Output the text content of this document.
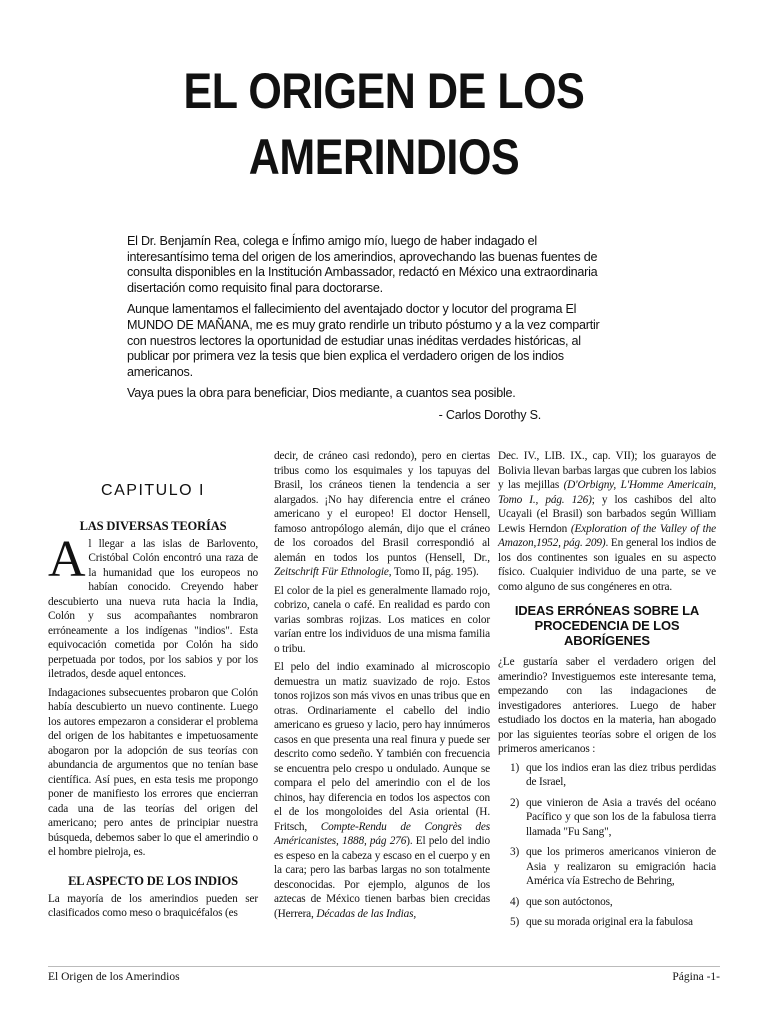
EL ORIGEN DE LOS
AMERINDIOS

El Dr. Benjamín Rea, colega e Ínfimo amigo mío, luego de haber indagado el interesantísimo tema del origen de los amerindios, aprovechando las buenas fuentes de consulta disponibles en la Institución Ambassador, redactó en México una extraordinaria disertación como requisito final para doctorarse.

Aunque lamentamos el fallecimiento del aventajado doctor y locutor del programa El MUNDO DE MAÑANA, me es muy grato rendirle un tributo póstumo y a la vez compartir con nuestros lectores la oportunidad de estudiar unas inéditas verdades históricas, al publicar por primera vez la tesis que bien explica el verdadero origen de los indios americanos.

Vaya pues la obra para beneficiar, Dios mediante, a cuantos sea posible.

- Carlos Dorothy S.

CAPITULO I
LAS DIVERSAS TEORÍAS

Al llegar a las islas de Barlovento, Cristóbal Colón encontró una raza de la humanidad que los europeos no habían conocido. Creyendo haber descubierto una nueva ruta hacia la India, Colón y sus acompañantes nombraron erróneamente a los indígenas "indios". Esta equivocación cometida por Colón ha sido perpetuada por todos, por los sabios y por los iletrados, desde aquel entonces.

Indagaciones subsecuentes probaron que Colón había descubierto un nuevo continente. Luego los autores empezaron a considerar el problema del origen de los habitantes e impetuosamente abogaron por la adopción de sus teorías con abundancia de argumentos que no tenían base científica. Así pues, en esta tesis me propongo poner de manifiesto los errores que encierran cada una de las teorías del origen del americano; pero antes de principiar nuestra búsqueda, debemos saber lo que el amerindio o el hombre pielroja, es.

EL ASPECTO DE LOS INDIOS

La mayoría de los amerindios pueden ser clasificados como meso o braquicéfalos (es

decir, de cráneo casi redondo), pero en ciertas tribus como los esquimales y los tapuyas del Brasil, los cráneos tienen la tendencia a ser alargados. ¡No hay diferencia entre el cráneo americano y el europeo! El doctor Hensell, famoso antropólogo alemán, dijo que el cráneo de los coroados del Brasil correspondió al alemán en todos los puntos (Hensell, Dr., Zeitschrift Für Ethnologie, Tomo II, pág. 195).

El color de la piel es generalmente llamado rojo, cobrizo, canela o café. En realidad es pardo con varias sombras rojizas. Los matices en color varían entre los individuos de una misma familia o tribu.

El pelo del indio examinado al microscopio demuestra un matiz suavizado de rojo. Estos tonos rojizos son más vivos en unas tribus que en otras. Ordinariamente el cabello del indio americano es grueso y lacio, pero hay innúmeros casos en que presenta una real finura y puede ser descrito como sedeño. Y también con frecuencia se encuentra pelo crespo u ondulado. Aunque se compara el pelo del amerindio con el de los chinos, hay diferencia en todos los aspectos con el de los mongoloides del Asia oriental (H. Fritsch, Compte-Rendu de Congrès des Américanistes, 1888, pág 276). El pelo del indio es espeso en la cabeza y escaso en el cuerpo y en la cara; pero las barbas largas no son totalmente desconocidas. Por ejemplo, algunos de los aztecas de México tienen barbas bien crecidas (Herrera, Décadas de las Indias,

Dec. IV., LIB. IX., cap. VII); los guarayos de Bolivia llevan barbas largas que cubren los labios y las mejillas (D'Orbigny, L'Homme Americain, Tomo I., pág. 126); y los cashibos del alto Ucayali (el Brasil) son barbados según William Lewis Herndon (Exploration of the Valley of the Amazon,1952, pág. 209). En general los indios de los dos continentes son iguales en su aspecto físico. Cualquier individuo de una parte, se ve como alguno de sus congéneres en otra.

IDEAS ERRÓNEAS SOBRE LA PROCEDENCIA DE LOS ABORÍGENES

¿Le gustaría saber el verdadero origen del amerindio? Investiguemos este interesante tema, empezando con las indagaciones de investigadores anteriores. Luego de haber estudiado los doctos en la materia, han abogado por las siguientes teorías sobre el origen de los primeros americanos :

1) que los indios eran las diez tribus perdidas de Israel,
2) que vinieron de Asia a través del océano Pacífico y que son los de la fabulosa tierra llamada "Fu Sang",
3) que los primeros americanos vinieron de Asia y realizaron su emigración hacia América vía Estrecho de Behring,
4) que son autóctonos,
5) que su morada original era la fabulosa
El Origen de los Amerindios	Página -1-
